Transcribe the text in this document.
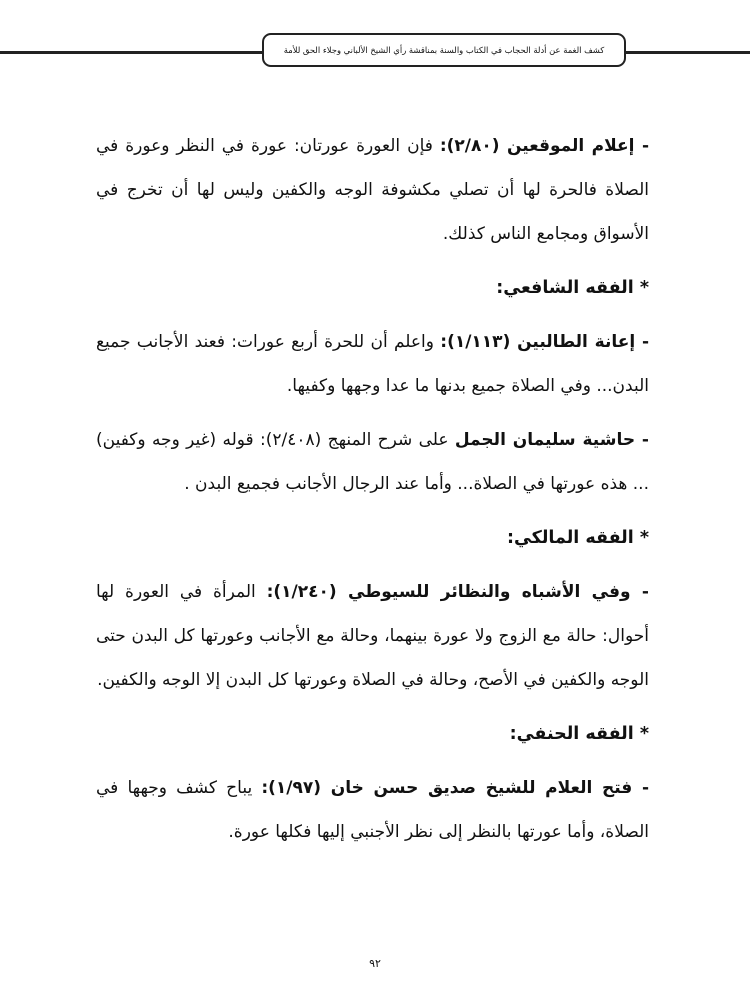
كشف الغمة عن أدلة الحجاب في الكتاب والسنة بمناقشة رأي الشيخ الألباني وجلاء الحق للأمة

- إعلام الموقعين (٢/٨٠): فإن العورة عورتان: عورة في النظر وعورة في الصلاة فالحرة لها أن تصلي مكشوفة الوجه والكفين وليس لها أن تخرج في الأسواق ومجامع الناس كذلك.

* الفقه الشافعي:

- إعانة الطالبين (١/١١٣): واعلم أن للحرة أربع عورات: فعند الأجانب جميع البدن... وفي الصلاة جميع بدنها ما عدا وجهها وكفيها.

- حاشية سليمان الجمل على شرح المنهج (٢/٤٠٨): قوله (غير وجه وكفين) ... هذه عورتها في الصلاة... وأما عند الرجال الأجانب فجميع البدن .

* الفقه المالكي:

- وفي الأشباه والنظائر للسيوطي (١/٢٤٠): المرأة في العورة لها أحوال: حالة مع الزوج ولا عورة بينهما، وحالة مع الأجانب وعورتها كل البدن حتى الوجه والكفين في الأصح، وحالة في الصلاة وعورتها كل البدن إلا الوجه والكفين.

* الفقه الحنفي:

- فتح العلام للشيخ صديق حسن خان (١/٩٧): يباح كشف وجهها في الصلاة، وأما عورتها بالنظر إلى نظر الأجنبي إليها فكلها عورة.

٩٢
